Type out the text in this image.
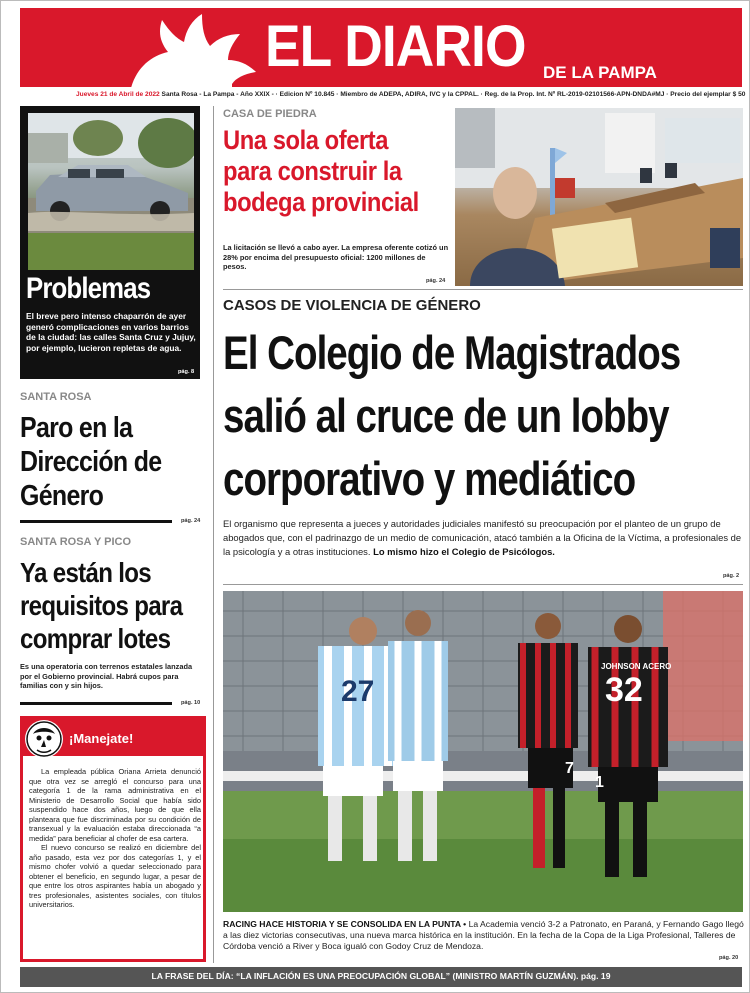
EL DIARIO DE LA PAMPA
Jueves 21 de Abril de 2022 Santa Rosa - La Pampa - Año XXIX - · Edicion Nº 10.845 · Miembro de ADEPA, ADIRA, IVC y la CPPAL. · Reg. de la Prop. Int. Nº RL-2019-02101566-APN-DNDA#MJ · Precio del ejemplar $ 50
Problemas
El breve pero intenso chaparrón de ayer generó complicaciones en varios barrios de la ciudad: las calles Santa Cruz y Jujuy, por ejemplo, lucieron repletas de agua.
pág. 8
SANTA ROSA
Paro en la Dirección de Género
pág. 24
SANTA ROSA Y PICO
Ya están los requisitos para comprar lotes
Es una operatoria con terrenos estatales lanzada por el Gobierno provincial. Habrá cupos para familias con y sin hijos.
pág. 10
¡Manejate!

La empleada pública Oriana Arrieta denunció que otra vez se arregló el concurso para una categoría 1 de la rama administrativa en el Ministerio de Desarrollo Social que había sido suspendido hace dos años, luego de que ella planteara que fue discriminada por su condición de transexual y la evaluación estaba direccionada “a medida” para beneficiar al chofer de esa cartera.

El nuevo concurso se realizó en diciembre del año pasado, esta vez por dos categorías 1, y el mismo chofer volvió a quedar seleccionado para obtener el beneficio, en segundo lugar, a pesar de que entre los otros aspirantes había un abogado y tres profesionales, asistentes sociales, con títulos universitarios.

CASA DE PIEDRA
Una sola oferta para construir la bodega provincial
La licitación se llevó a cabo ayer. La empresa oferente cotizó un 28% por encima del presupuesto oficial: 1200 millones de pesos.
pág. 24
CASOS DE VIOLENCIA DE GÉNERO
El Colegio de Magistrados salió al cruce de un lobby corporativo y mediático
El organismo que representa a jueces y autoridades judiciales manifestó su preocupación por el planteo de un grupo de abogados que, con el padrinazgo de un medio de comunicación, atacó también a la Oficina de la Víctima, a profesionales de la psicología y a otras instituciones. Lo mismo hizo el Colegio de Psicólogos.
pág. 2
27	32
7
1
JOHNSON ACERO
RACING HACE HISTORIA Y SE CONSOLIDA EN LA PUNTA • La Academia venció 3-2 a Patronato, en Paraná, y Fernando Gago llegó a las diez victorias consecutivas, una nueva marca histórica en la institución. En la fecha de la Copa de la Liga Profesional, Talleres de Córdoba venció a River y Boca igualó con Godoy Cruz de Mendoza.
pág. 20
LA FRASE DEL DÍA: “LA INFLACIÓN ES UNA PREOCUPACIÓN GLOBAL” (MINISTRO MARTÍN GUZMÁN). pág. 19
